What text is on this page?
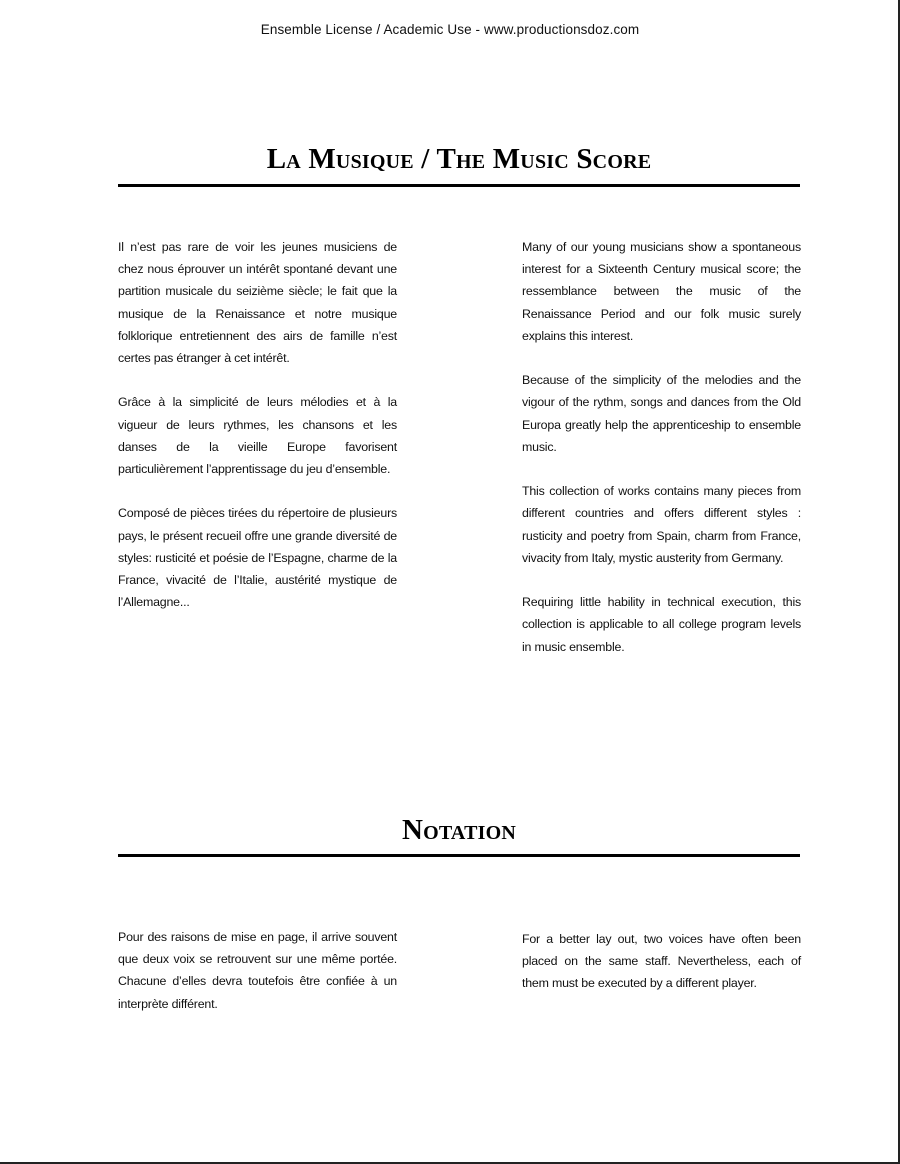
Ensemble License / Academic Use - www.productionsdoz.com
La Musique / The Music Score

Il n’est pas rare de voir les jeunes musiciens de chez nous éprouver un intérêt spontané devant une partition musicale du seizième siècle; le fait que la musique de la Renaissance et notre musique folklorique entretiennent des airs de famille n’est certes pas étranger à cet intérêt.

Grâce à la simplicité de leurs mélodies et à la vigueur de leurs rythmes, les chansons et les danses de la vieille Europe favorisent particulièrement l’apprentissage du jeu d’ensemble.

Composé de pièces tirées du répertoire de plusieurs pays, le présent recueil offre une grande diversité de styles: rusticité et poésie de l’Espagne, charme de la France, vivacité de l’Italie, austérité mystique de l’Allemagne...

Many of our young musicians show a spontaneous interest for a Sixteenth Century musical score; the ressemblance between the music of the Renaissance Period and our folk music surely explains this interest.

Because of the simplicity of the melodies and the vigour of the rythm, songs and dances from the Old Europa greatly help the apprenticeship to ensemble music.

This collection of works contains many pieces from different countries and offers different styles : rusticity and poetry from Spain, charm from France, vivacity from Italy, mystic austerity from Germany.

Requiring little hability in technical execution, this collection is applicable to all college program levels in music ensemble.

Notation

Pour des raisons de mise en page, il arrive souvent que deux voix se retrouvent sur une même portée. Chacune d’elles devra toutefois être confiée à un interprète différent.

For a better lay out, two voices have often been placed on the same staff. Nevertheless, each of them must be executed by a different player.
